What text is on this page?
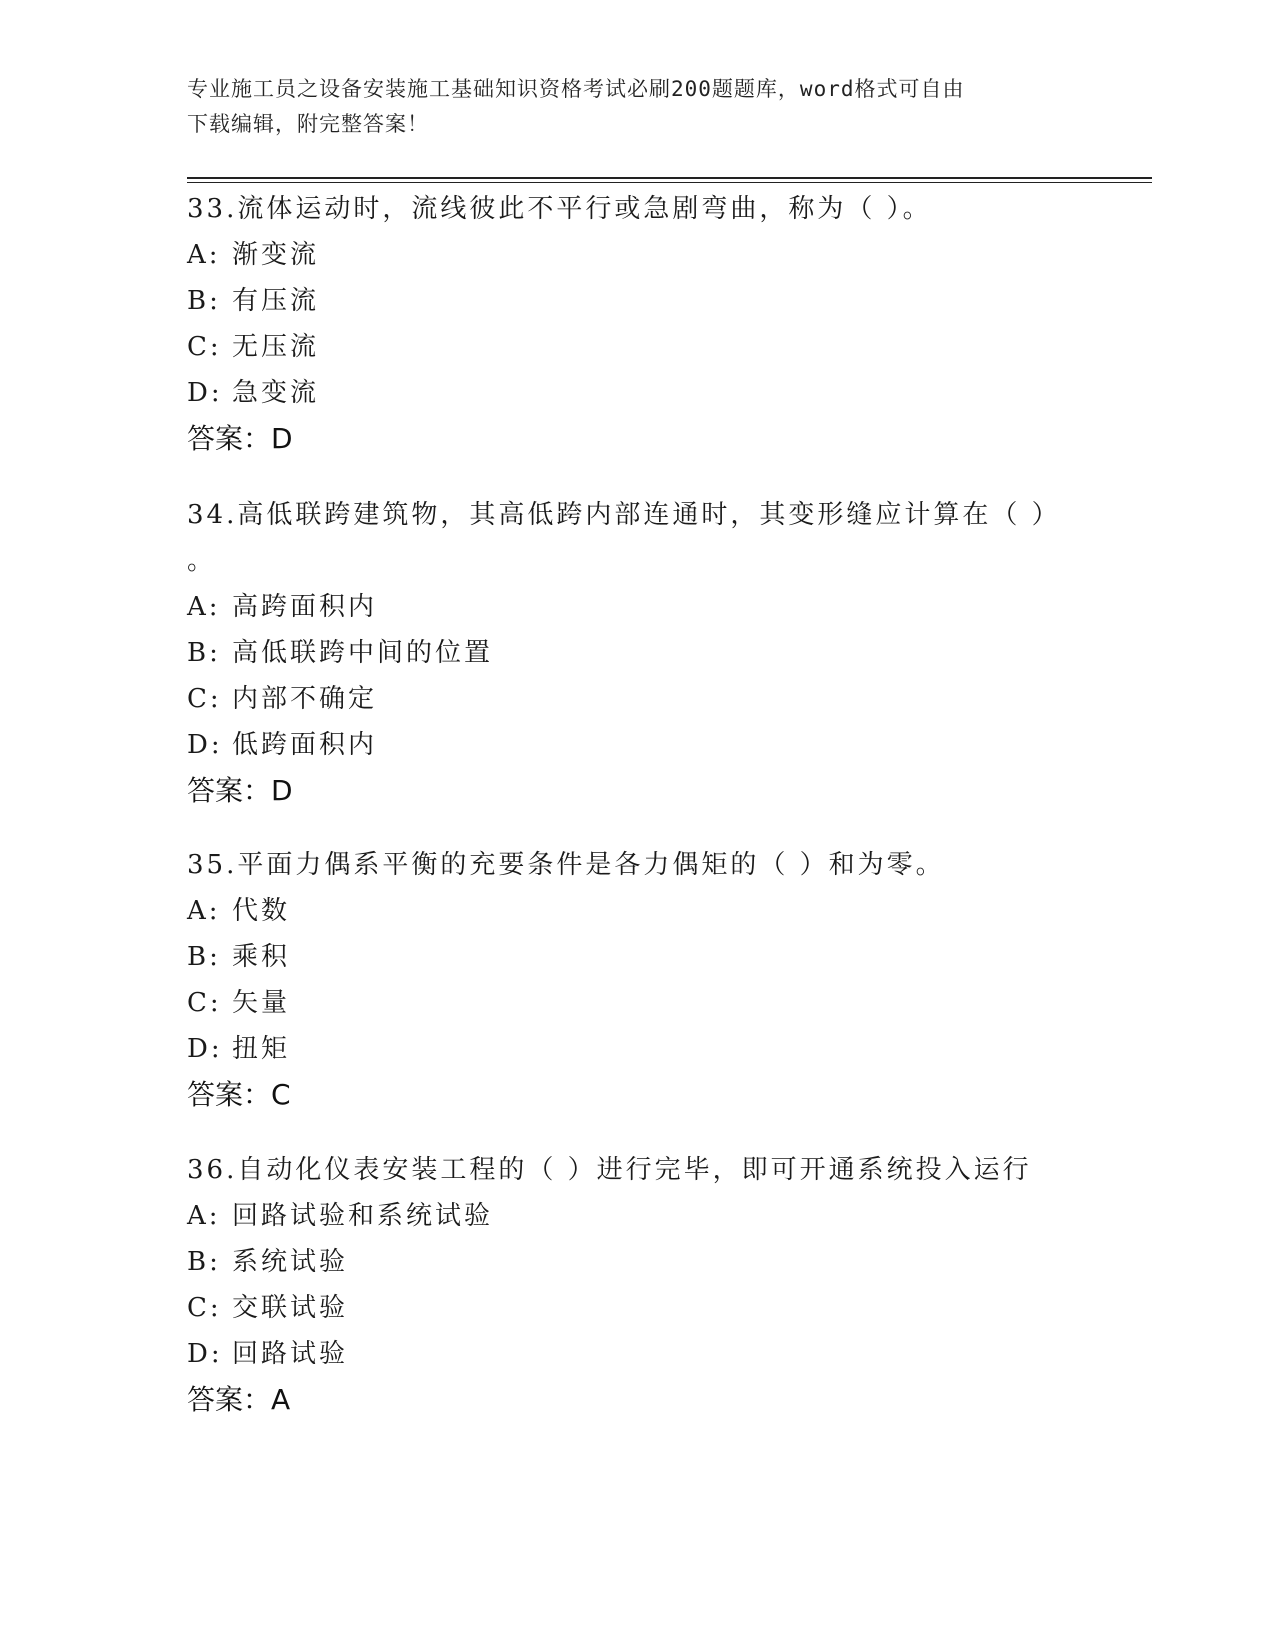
专业施工员之设备安装施工基础知识资格考试必刷200题题库，word格式可自由
下载编辑，附完整答案！
33.流体运动时，流线彼此不平行或急剧弯曲，称为（ ）。
A: 渐变流
B: 有压流
C: 无压流
D: 急变流
答案：D
34.高低联跨建筑物，其高低跨内部连通时，其变形缝应计算在（ ）
。
A: 高跨面积内
B: 高低联跨中间的位置
C: 内部不确定
D: 低跨面积内
答案：D
35.平面力偶系平衡的充要条件是各力偶矩的（ ）和为零。
A: 代数
B: 乘积
C: 矢量
D: 扭矩
答案：C
36.自动化仪表安装工程的（ ）进行完毕，即可开通系统投入运行
A: 回路试验和系统试验
B: 系统试验
C: 交联试验
D: 回路试验
答案：A
